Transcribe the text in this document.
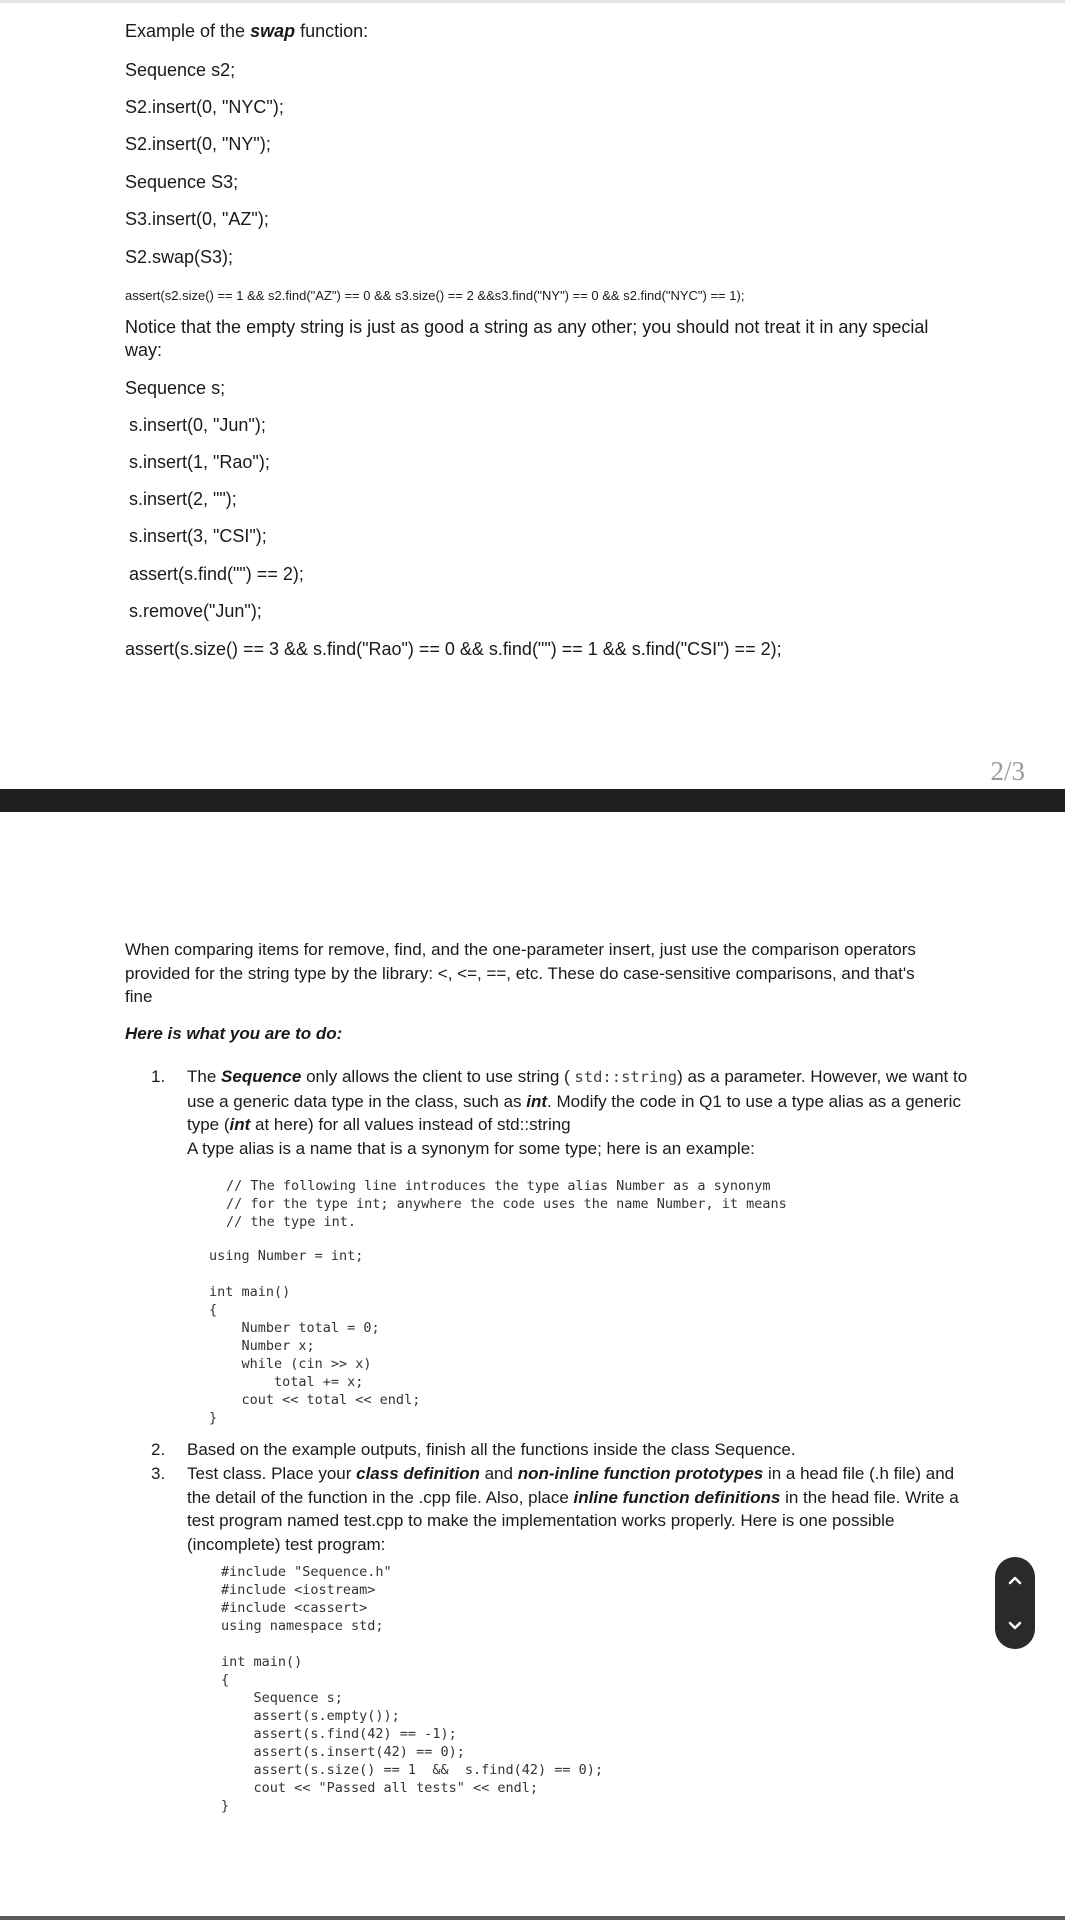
Example of the swap function:
Sequence s2;
S2.insert(0, "NYC");
S2.insert(0, "NY");
Sequence S3;
S3.insert(0, "AZ");
S2.swap(S3);
assert(s2.size() == 1 && s2.find("AZ") == 0 && s3.size() == 2 &&s3.find("NY") == 0 && s2.find("NYC") == 1);
Notice that the empty string is just as good a string as any other; you should not treat it in any special way:
Sequence s;
s.insert(0, "Jun");
s.insert(1, "Rao");
s.insert(2, "");
s.insert(3, "CSI");
assert(s.find("") == 2);
s.remove("Jun");
assert(s.size() == 3 && s.find("Rao") == 0 && s.find("") == 1 && s.find("CSI") == 2);
2/3
When comparing items for remove, find, and the one-parameter insert, just use the comparison operators provided for the string type by the library: <, <=, ==, etc. These do case-sensitive comparisons, and that's fine
Here is what you are to do:
1.	The Sequence only allows the client to use string ( std::string) as a parameter. However, we want to use a generic data type in the class, such as int. Modify the code in Q1 to use a type alias as a generic type (int at here) for all values instead of std::string
A type alias is a name that is a synonym for some type; here is an example:
// The following line introduces the type alias Number as a synonym
// for the type int; anywhere the code uses the name Number, it means
// the type int.
using Number = int;
int main()
{
Number total = 0;
Number x;
while (cin >> x)
total += x;
cout << total << endl;
}
2.	Based on the example outputs, finish all the functions inside the class Sequence.
3.	Test class. Place your class definition and non-inline function prototypes in a head file (.h file) and the detail of the function in the .cpp file. Also, place inline function definitions in the head file. Write a test program named test.cpp to make the implementation works properly. Here is one possible (incomplete) test program:
#include "Sequence.h"
#include <iostream>
#include <cassert>
using namespace std;
int main()
{
Sequence s;
assert(s.empty());
assert(s.find(42) == -1);
assert(s.insert(42) == 0);
assert(s.size() == 1  &&  s.find(42) == 0);
cout << "Passed all tests" << endl;
}
